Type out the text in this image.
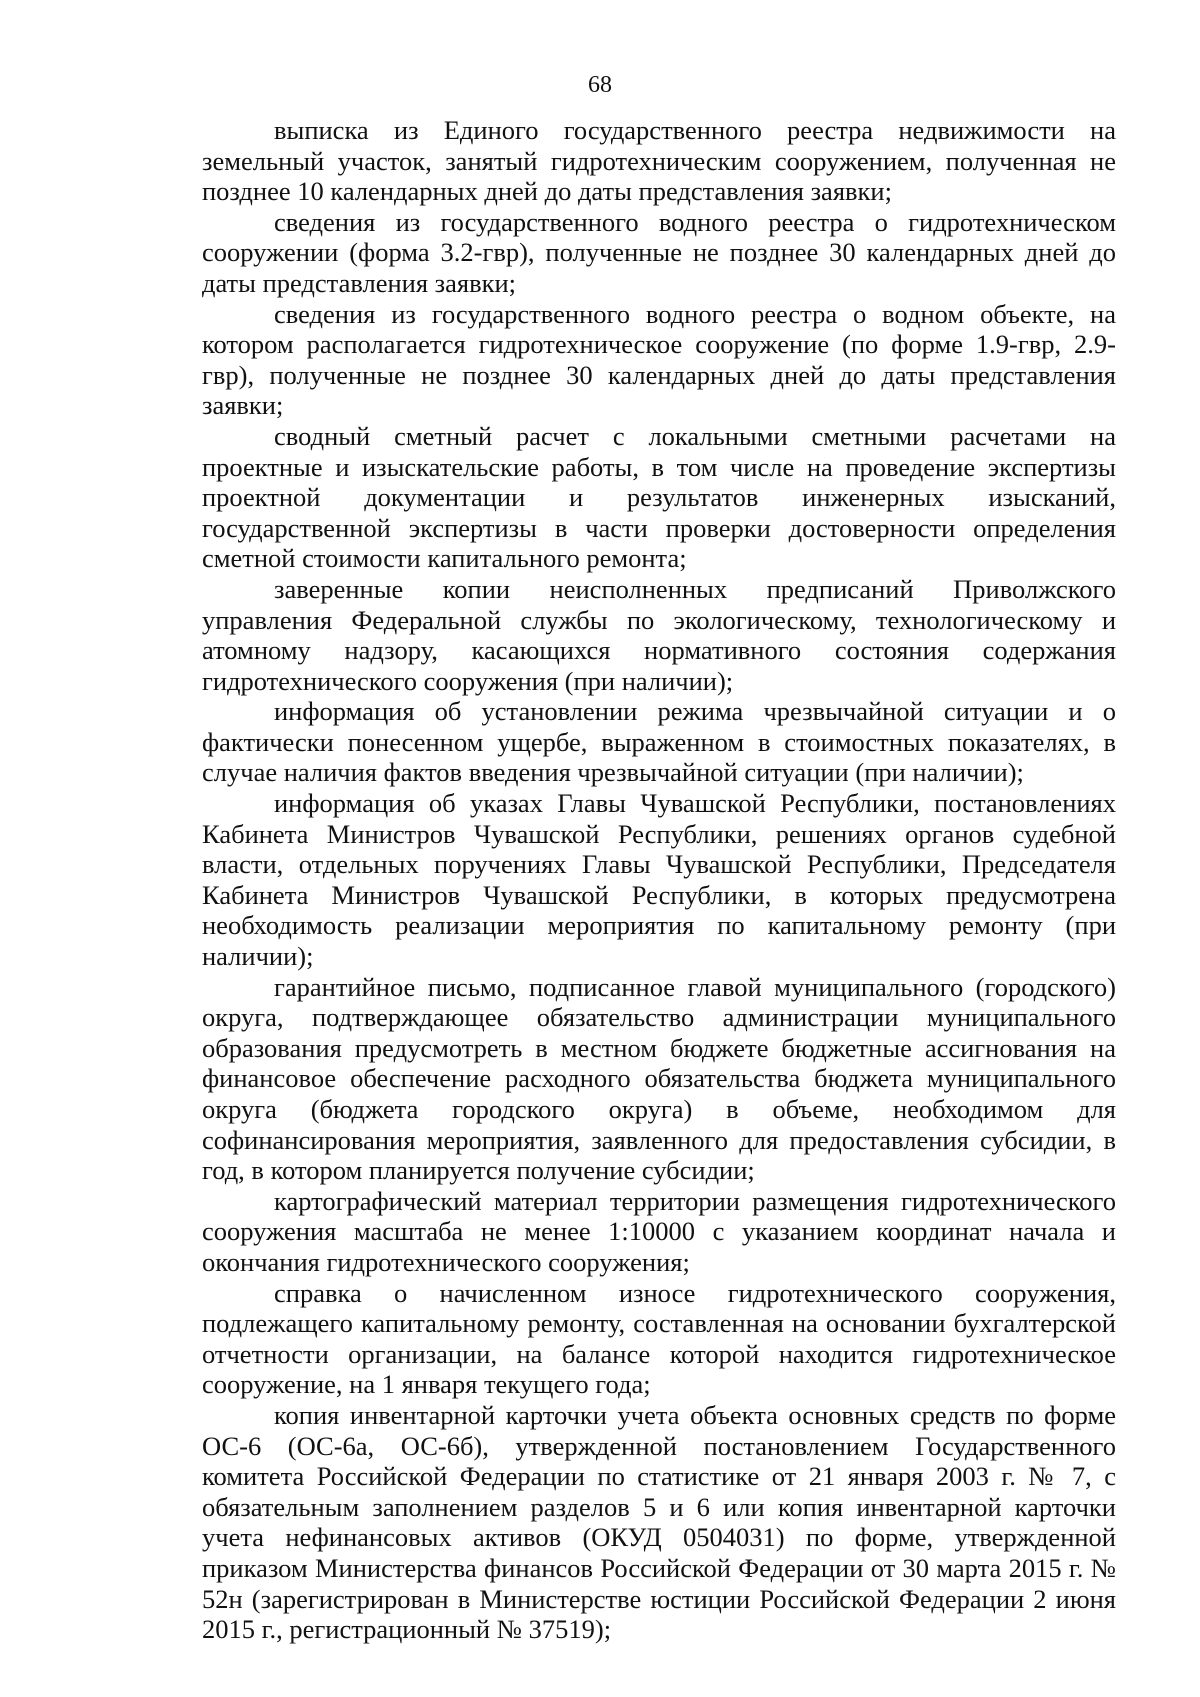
68

выписка из Единого государственного реестра недвижимости на земельный участок, занятый гидротехническим сооружением, полученная не позднее 10 календарных дней до даты представления заявки;

сведения из государственного водного реестра о гидротехническом сооружении (форма 3.2-гвр), полученные не позднее 30 календарных дней до даты представления заявки;

сведения из государственного водного реестра о водном объекте, на котором располагается гидротехническое сооружение (по форме 1.9-гвр, 2.9-гвр), полученные не позднее 30 календарных дней до даты представления заявки;

сводный сметный расчет с локальными сметными расчетами на проектные и изыскательские работы, в том числе на проведение экспертизы проектной документации и результатов инженерных изысканий, государственной экспертизы в части проверки достоверности определения сметной стоимости капитального ремонта;

заверенные копии неисполненных предписаний Приволжского управления Федеральной службы по экологическому, технологическому и атомному надзору, касающихся нормативного состояния содержания гидротехнического сооружения (при наличии);

информация об установлении режима чрезвычайной ситуации и о фактически понесенном ущербе, выраженном в стоимостных показателях, в случае наличия фактов введения чрезвычайной ситуации (при наличии);

информация об указах Главы Чувашской Республики, постановлениях Кабинета Министров Чувашской Республики, решениях органов судебной власти, отдельных поручениях Главы Чувашской Республики, Председателя Кабинета Министров Чувашской Республики, в которых предусмотрена необходимость реализации мероприятия по капитальному ремонту (при наличии);

гарантийное письмо, подписанное главой муниципального (городского) округа, подтверждающее обязательство администрации муниципального образования предусмотреть в местном бюджете бюджетные ассигнования на финансовое обеспечение расходного обязательства бюджета муниципального округа (бюджета городского округа) в объеме, необходимом для софинансирования мероприятия, заявленного для предоставления субсидии, в год, в котором планируется получение субсидии;

картографический материал территории размещения гидротехнического сооружения масштаба не менее 1:10000 с указанием координат начала и окончания гидротехнического сооружения;

справка о начисленном износе гидротехнического сооружения, подлежащего капитальному ремонту, составленная на основании бухгалтерской отчетности организации, на балансе которой находится гидротехническое сооружение, на 1 января текущего года;

копия инвентарной карточки учета объекта основных средств по форме ОС-6 (ОС-6а, ОС-6б), утвержденной постановлением Государственного комитета Российской Федерации по статистике от 21 января 2003 г. № 7, с обязательным заполнением разделов 5 и 6 или копия инвентарной карточки учета нефинансовых активов (ОКУД 0504031) по форме, утвержденной приказом Министерства финансов Российской Федерации от 30 марта 2015 г. № 52н (зарегистрирован в Министерстве юстиции Российской Федерации 2 июня 2015 г., регистрационный № 37519);
